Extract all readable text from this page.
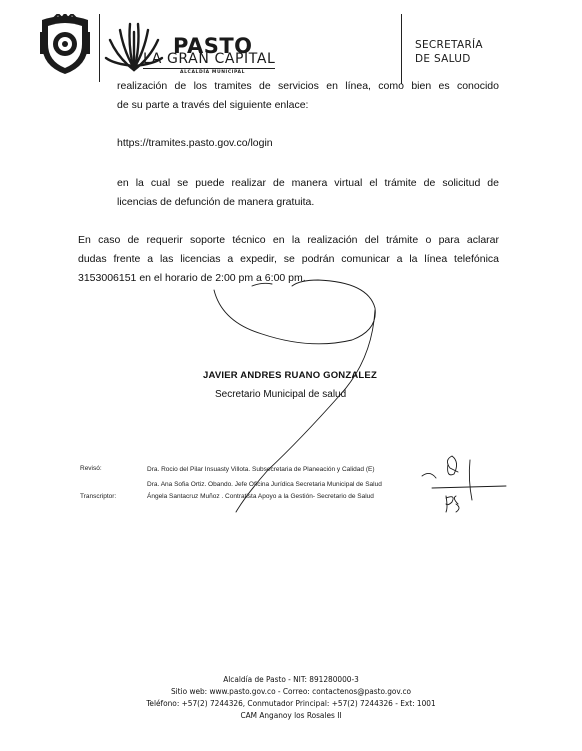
PASTO
LA GRAN CAPITAL
ALCALDÍA MUNICIPAL
SECRETARÍA
DE SALUD
realización de los tramites de servicios en línea, como bien es conocido
de su parte a través del siguiente enlace:
https://tramites.pasto.gov.co/login
en la cual se puede realizar de manera virtual el trámite de solicitud de
licencias de defunción de manera gratuita.
En caso de requerir soporte técnico en la realización del trámite o para aclarar
dudas frente a las licencias a expedir, se podrán comunicar a la línea telefónica
3153006151 en el horario de 2:00 pm a 6:00 pm.
JAVIER ANDRES RUANO GONZALEZ
Secretario Municipal de salud
Revisó:	Dra. Rocio del Pilar Insuasty Villota. Subsecretaria de Planeación y Calidad (E)
Dra. Ana Sofia Ortiz. Obando. Jefe Oficina Jurídica Secretaria Municipal de Salud
Transcriptor:	Ángela Santacruz Muñoz . Contratista Apoyo a la Gestión- Secretario de Salud
Alcaldía de Pasto - NIT: 891280000-3
Sitio web: www.pasto.gov.co - Correo: contactenos@pasto.gov.co
Teléfono: +57(2) 7244326, Conmutador Principal: +57(2) 7244326 - Ext: 1001
CAM Anganoy los Rosales II
